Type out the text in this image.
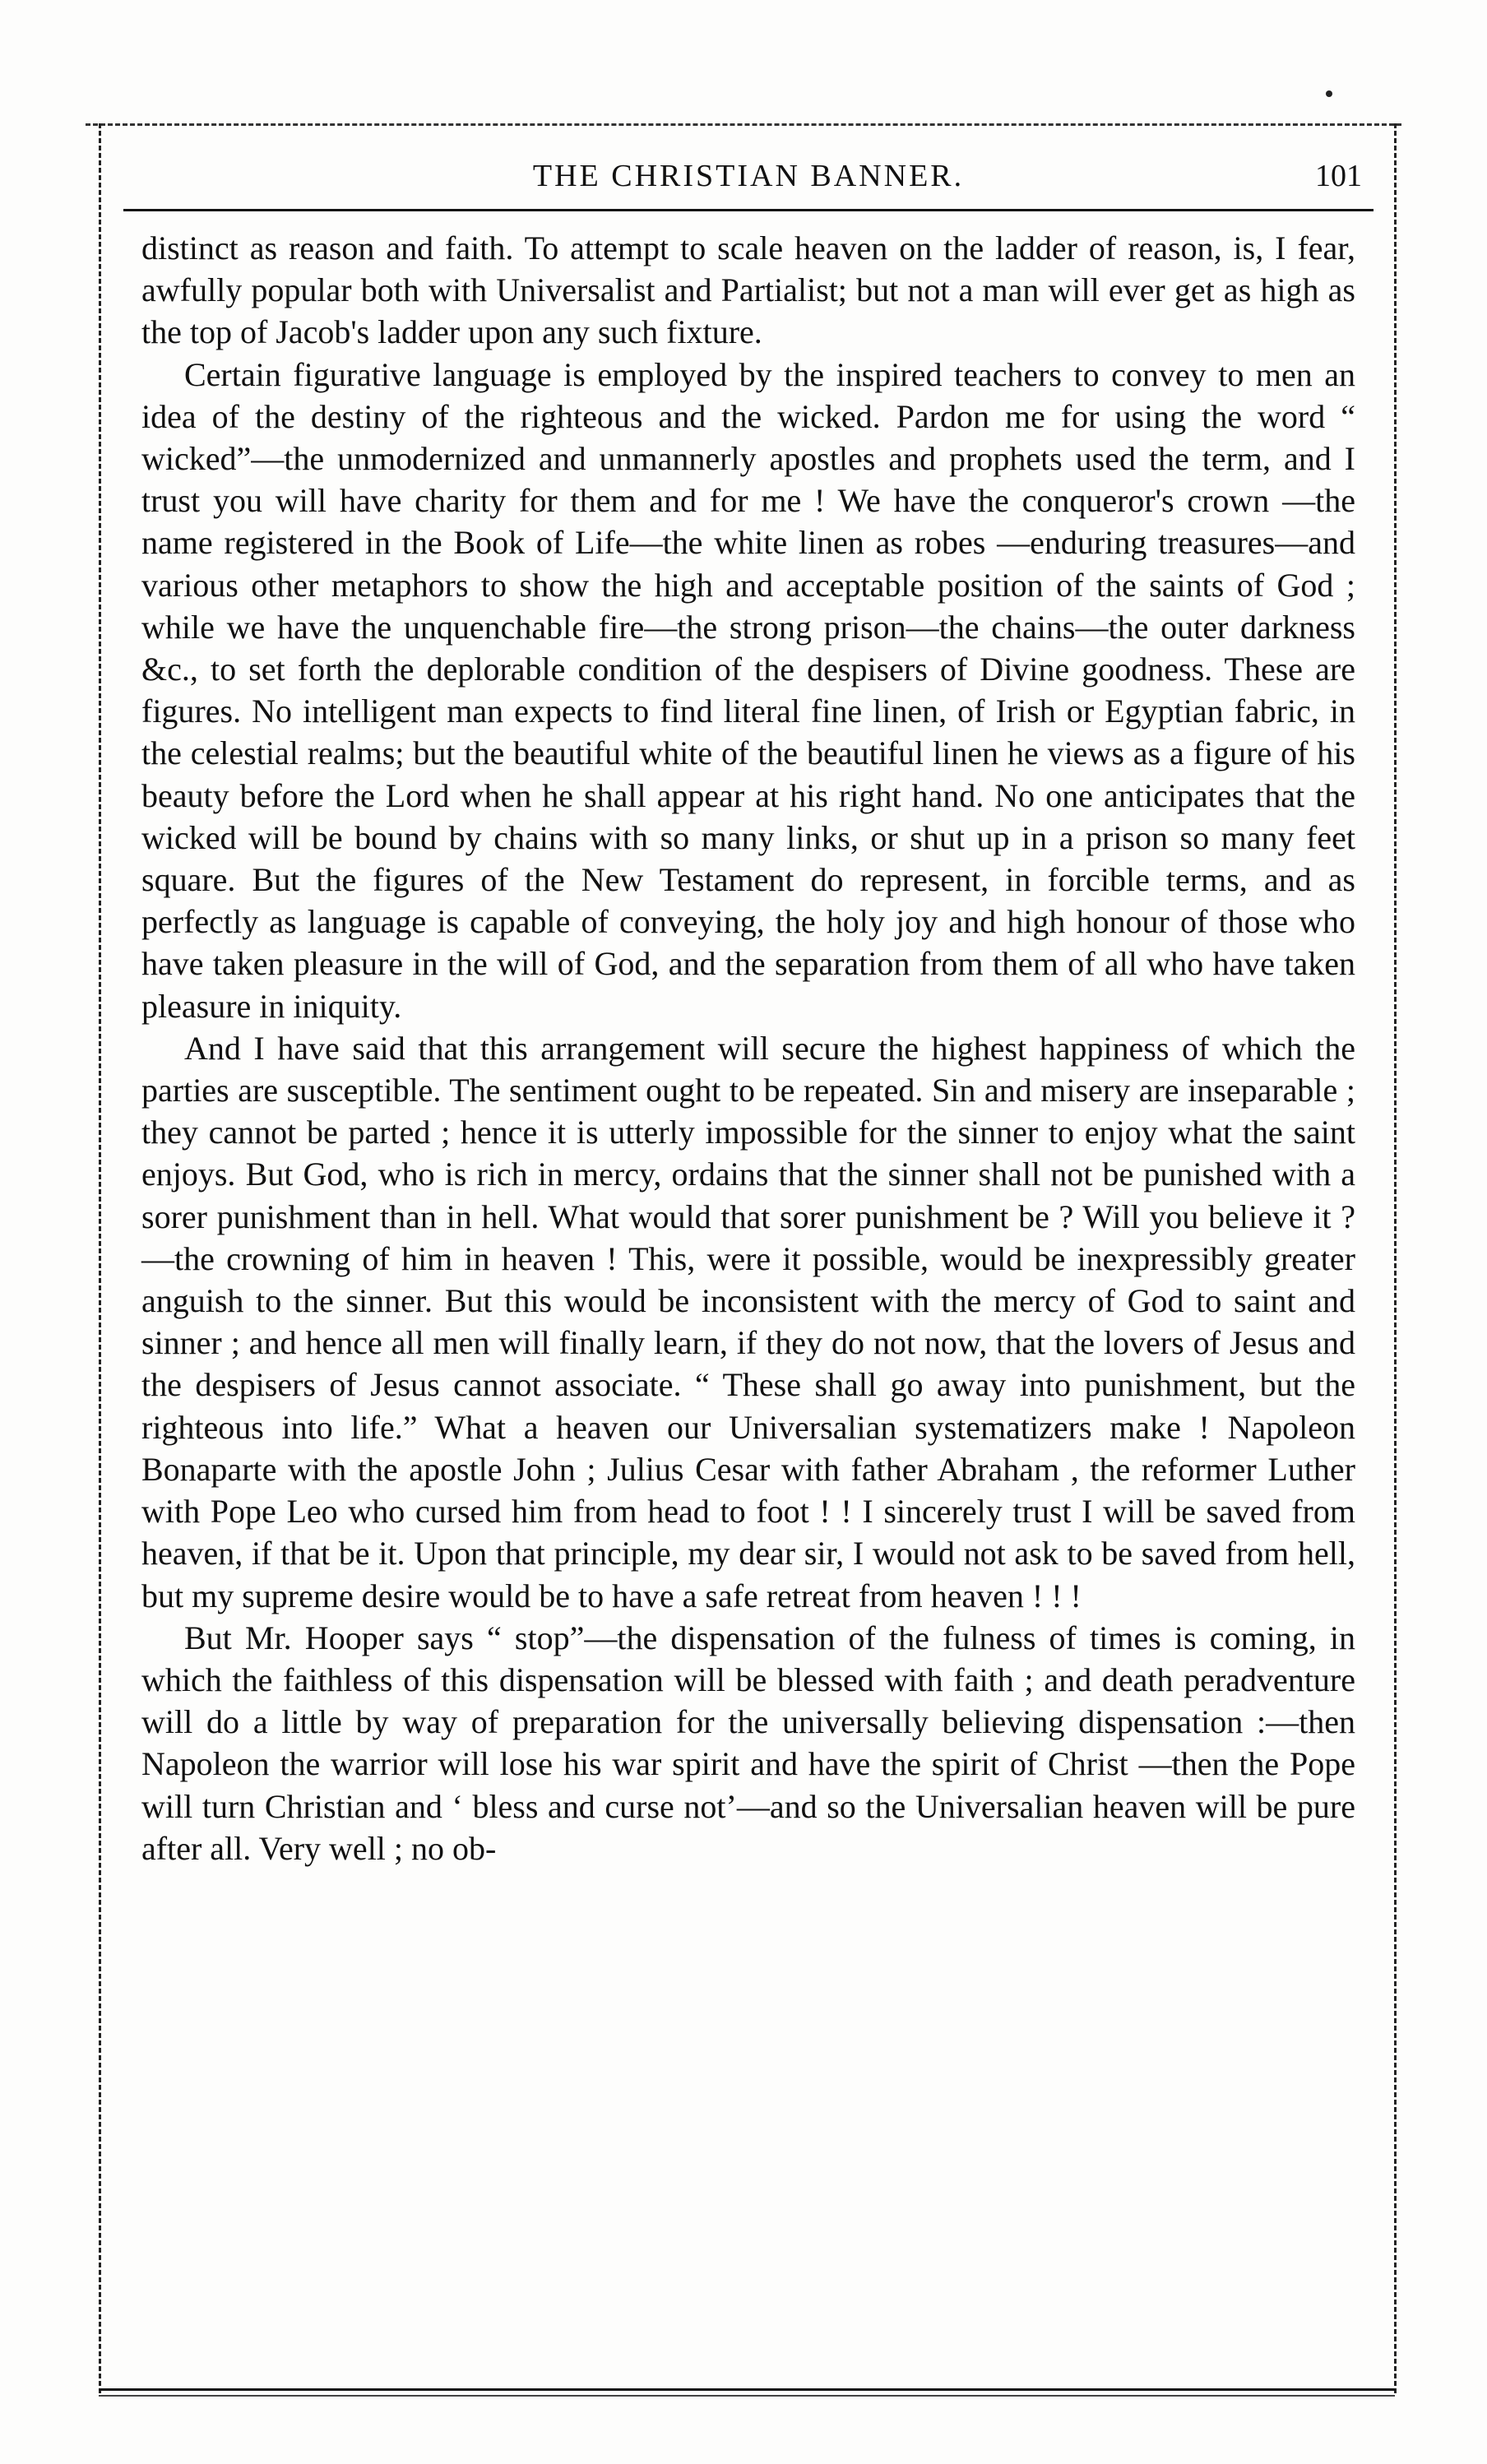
THE CHRISTIAN BANNER.	101

distinct as reason and faith. To attempt to scale heaven on the ladder of reason, is, I fear, awfully popular both with Universalist and Partialist; but not a man will ever get as high as the top of Jacob's ladder upon any such fixture.

Certain figurative language is employed by the inspired teachers to convey to men an idea of the destiny of the righteous and the wicked. Pardon me for using the word “ wicked”—the unmodernized and unmannerly apostles and prophets used the term, and I trust you will have charity for them and for me ! We have the conqueror's crown —the name registered in the Book of Life—the white linen as robes —enduring treasures—and various other metaphors to show the high and acceptable position of the saints of God ; while we have the unquenchable fire—the strong prison—the chains—the outer darkness &c., to set forth the deplorable condition of the despisers of Divine goodness. These are figures. No intelligent man expects to find literal fine linen, of Irish or Egyptian fabric, in the celestial realms; but the beautiful white of the beautiful linen he views as a figure of his beauty before the Lord when he shall appear at his right hand. No one anticipates that the wicked will be bound by chains with so many links, or shut up in a prison so many feet square. But the figures of the New Testament do represent, in forcible terms, and as perfectly as language is capable of conveying, the holy joy and high honour of those who have taken pleasure in the will of God, and the separation from them of all who have taken pleasure in iniquity.

And I have said that this arrangement will secure the highest happiness of which the parties are susceptible. The sentiment ought to be repeated. Sin and misery are inseparable ; they cannot be parted ; hence it is utterly impossible for the sinner to enjoy what the saint enjoys. But God, who is rich in mercy, ordains that the sinner shall not be punished with a sorer punishment than in hell. What would that sorer punishment be ? Will you believe it ?—the crowning of him in heaven ! This, were it possible, would be inexpressibly greater anguish to the sinner. But this would be inconsistent with the mercy of God to saint and sinner ; and hence all men will finally learn, if they do not now, that the lovers of Jesus and the despisers of Jesus cannot associate. “ These shall go away into punishment, but the righteous into life.” What a heaven our Universalian systematizers make ! Napoleon Bonaparte with the apostle John ; Julius Cesar with father Abraham , the reformer Luther with Pope Leo who cursed him from head to foot ! ! I sincerely trust I will be saved from heaven, if that be it. Upon that principle, my dear sir, I would not ask to be saved from hell, but my supreme desire would be to have a safe retreat from heaven ! ! !

But Mr. Hooper says “ stop”—the dispensation of the fulness of times is coming, in which the faithless of this dispensation will be blessed with faith ; and death peradventure will do a little by way of preparation for the universally believing dispensation :—then Napoleon the warrior will lose his war spirit and have the spirit of Christ —then the Pope will turn Christian and ‘ bless and curse not’—and so the Universalian heaven will be pure after all. Very well ; no ob-
